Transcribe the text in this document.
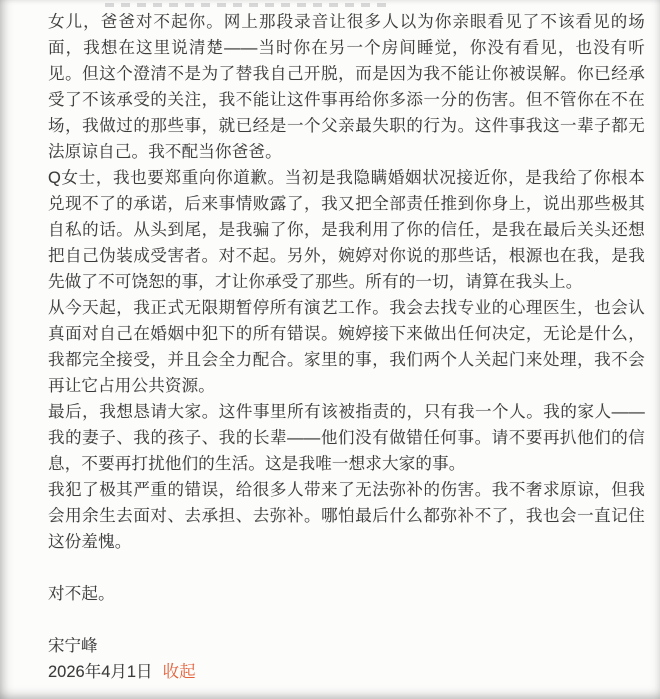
女儿，爸爸对不起你。网上那段录音让很多人以为你亲眼看见了不该看见的场面，我想在这里说清楚——当时你在另一个房间睡觉，你没有看见，也没有听见。但这个澄清不是为了替我自己开脱，而是因为我不能让你被误解。你已经承受了不该承受的关注，我不能让这件事再给你多添一分的伤害。但不管你在不在场，我做过的那些事，就已经是一个父亲最失职的行为。这件事我这一辈子都无法原谅自己。我不配当你爸爸。

Q女士，我也要郑重向你道歉。当初是我隐瞒婚姻状况接近你，是我给了你根本兑现不了的承诺，后来事情败露了，我又把全部责任推到你身上，说出那些极其自私的话。从头到尾，是我骗了你，是我利用了你的信任，是我在最后关头还想把自己伪装成受害者。对不起。另外，婉婷对你说的那些话，根源也在我，是我先做了不可饶恕的事，才让你承受了那些。所有的一切，请算在我头上。

从今天起，我正式无限期暂停所有演艺工作。我会去找专业的心理医生，也会认真面对自己在婚姻中犯下的所有错误。婉婷接下来做出任何决定，无论是什么，我都完全接受，并且会全力配合。家里的事，我们两个人关起门来处理，我不会再让它占用公共资源。

最后，我想恳请大家。这件事里所有该被指责的，只有我一个人。我的家人——我的妻子、我的孩子、我的长辈——他们没有做错任何事。请不要再扒他们的信息，不要再打扰他们的生活。这是我唯一想求大家的事。

我犯了极其严重的错误，给很多人带来了无法弥补的伤害。我不奢求原谅，但我会用余生去面对、去承担、去弥补。哪怕最后什么都弥补不了，我也会一直记住这份羞愧。

对不起。

宋宁峰
2026年4月1日 收起
